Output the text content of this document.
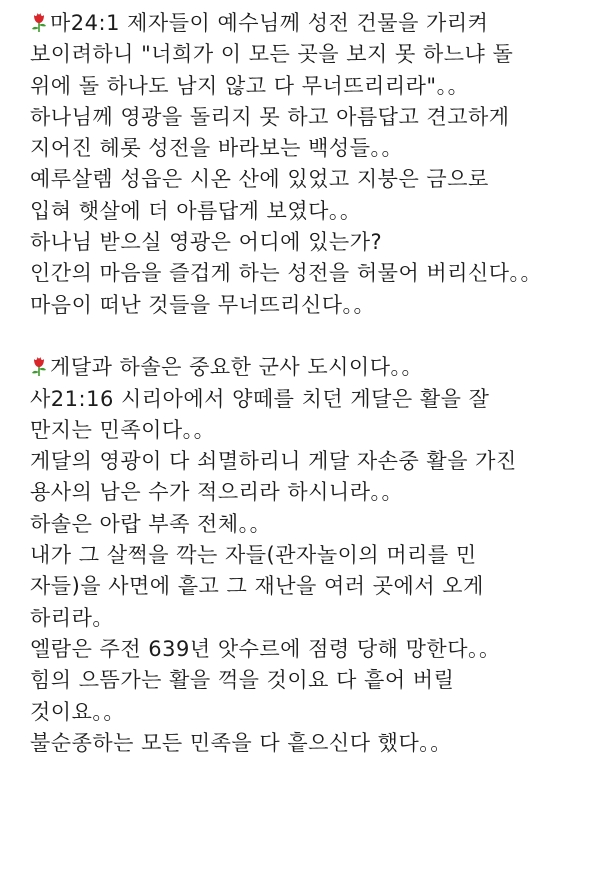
마24:1 제자들이 예수님께 성전 건물을 가리켜
보이려하니 "너희가 이 모든 곳을 보지 못 하느냐 돌
위에 돌 하나도 남지 않고 다 무너뜨리리라"。。
하나님께 영광을 돌리지 못 하고 아름답고 견고하게
지어진 헤롯 성전을 바라보는 백성들。。
예루살렘 성읍은 시온 산에 있었고 지붕은 금으로
입혀 햇살에 더 아름답게 보였다。。
하나님 받으실 영광은 어디에 있는가?
인간의 마음을 즐겁게 하는 성전을 허물어 버리신다。。
마음이 떠난 것들을 무너뜨리신다。。
게달과 하솔은 중요한 군사 도시이다。。
사21:16 시리아에서 양떼를 치던 게달은 활을 잘
만지는 민족이다。。
게달의 영광이 다 쇠멸하리니 게달 자손중 활을 가진
용사의 남은 수가 적으리라 하시니라。。
하솔은 아랍 부족 전체。。
내가 그 살쩍을 깍는 자들(관자놀이의 머리를 민
자들)을 사면에 흩고 그 재난을 여러 곳에서 오게
하리라。
엘람은 주전 639년 앗수르에 점령 당해 망한다。。
힘의 으뜸가는 활을 꺽을 것이요 다 흩어 버릴
것이요。。
불순종하는 모든 민족을 다 흩으신다 했다。。
